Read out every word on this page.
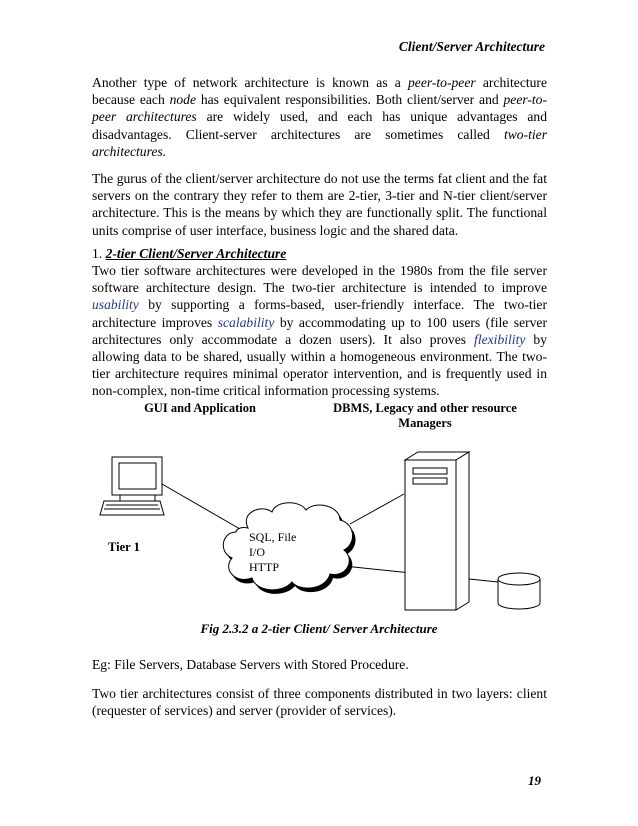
Client/Server Architecture
Another type of network architecture is known as a peer-to-peer architecture because each node has equivalent responsibilities. Both client/server and peer-to-peer architectures are widely used, and each has unique advantages and disadvantages. Client-server architectures are sometimes called two-tier architectures.
The gurus of the client/server architecture do not use the terms fat client and the fat servers on the contrary they refer to them are 2-tier, 3-tier and N-tier client/server architecture. This is the means by which they are functionally split. The functional units comprise of user interface, business logic and the shared data.
1. 2-tier Client/Server Architecture
Two tier software architectures were developed in the 1980s from the file server software architecture design. The two-tier architecture is intended to improve usability by supporting a forms-based, user-friendly interface. The two-tier architecture improves scalability by accommodating up to 100 users (file server architectures only accommodate a dozen users). It also proves flexibility by allowing data to be shared, usually within a homogeneous environment. The two-tier architecture requires minimal operator intervention, and is frequently used in non-complex, non-time critical information processing systems.
GUI and Application	DBMS, Legacy and other resource Managers
Tier 1
SQL, File
I/O
HTTP
Fig 2.3.2 a 2-tier Client/ Server Architecture
Eg: File Servers, Database Servers with Stored Procedure.
Two tier architectures consist of three components distributed in two layers: client (requester of services) and server (provider of services).
19
